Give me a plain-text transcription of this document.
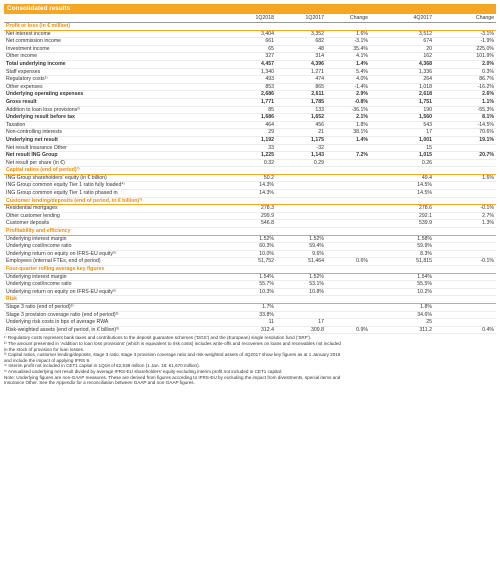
Consolidated results
	1Q2018	1Q2017	Change	4Q2017	Change
Profit or loss (in € million)					
Net interest income	3,404	3,352	1.6%	3,512	-3.1%
Net commission income	661	682	-3.1%	674	-1.9%
Investment income	65	48	35.4%	20	225.0%
Other income	327	314	4.1%	162	101.9%
Total underlying income	4,457	4,396	1.4%	4,368	2.0%
Staff expenses	1,340	1,271	5.4%	1,336	0.3%
Regulatory costs¹⁾	493	474	4.0%	264	86.7%
Other expenses	853	865	-1.4%	1,018	-16.2%
Underlying operating expenses	2,686	2,611	2.9%	2,618	2.6%
Gross result	1,771	1,785	-0.8%	1,751	1.1%
Addition to loan loss provisions²⁾	85	133	-36.1%	190	-55.3%
Underlying result before tax	1,686	1,652	2.1%	1,560	8.1%
Taxation	464	456	1.8%	543	-14.5%
Non-controlling interests	29	21	38.1%	17	70.6%
Underlying net result	1,192	1,175	1.4%	1,001	19.1%
Net result Insurance Other	33	-32		15	
Net result ING Group	1,225	1,143	7.2%	1,015	20.7%
Net result per share (in €)	0.32	0.29		0.26	
Capital ratios (end of period)³⁾					
ING Group shareholders' equity (in € billion)	50.2			49.4	1.6%
ING Group common equity Tier 1 ratio fully loaded⁴⁾	14.3%			14.5%	
ING Group common equity Tier 1 ratio phased in	14.3%			14.5%	
Customer lending/deposits (end of period, in € billion)³⁾					
Residential mortgages	278.3			278.6	-0.1%
Other customer lending	299.9			292.1	2.7%
Customer deposits	546.8			539.9	1.3%
Profitability and efficiency					
Underlying interest margin	1.52%	1.52%		1.58%	
Underlying cost/income ratio	60.3%	59.4%		59.9%	
Underlying return on equity on IFRS-EU equity⁵⁾	10.0%	9.6%		8.3%	
Employees (internal FTEs, end of period)	51,752	51,464	0.6%	51,815	-0.1%
Four-quarter rolling average key figures					
Underlying interest margin	1.54%	1.52%		1.54%	
Underlying cost/income ratio	55.7%	53.1%		55.5%	
Underlying return on equity on IFRS-EU equity⁵⁾	10.3%	10.8%		10.2%	
Risk					
Stage 3 ratio (end of period)³⁾	1.7%			1.8%	
Stage 3 provision coverage ratio (end of period)³⁾	33.8%			34.6%	
Underlying risk costs in bps of average RWA	11	17		25	
Risk-weighted assets (end of period, in € billion)³⁾	312.4	309.8	0.9%	311.2	0.4%
¹⁾ Regulatory costs represent bank taxes and contributions to the deposit guarantee schemes ('DGS') and the (European) single resolution fund ('SRF').
²⁾ The amount presented in 'Addition to loan loss provisions' (which is equivalent to risk costs) includes write-offs and recoveries on loans and receivables not included
in the stock of provision for loan losses.
³⁾ Capital ratios, customer lending/deposits, stage 3 ratio, stage 3 provision coverage ratio and risk-weighted assets of 4Q2017 show key figures as at 1 January 2018
and include the impact of applying IFRS 9.
⁴⁾ Interim profit not included in CET1 capital in 1Q18 of €2,538 million (1 Jan. 18: €1,670 million).
⁵⁾ Annualised underlying net result divided by average IFRS-EU shareholders' equity excluding interim profit not included in CET1 capital.
Note: Underlying figures are non-GAAP measures. These are derived from figures according to IFRS-EU by excluding the impact from divestments, special items and
Insurance Other. See the Appendix for a reconciliation between GAAP and non-GAAP figures.
